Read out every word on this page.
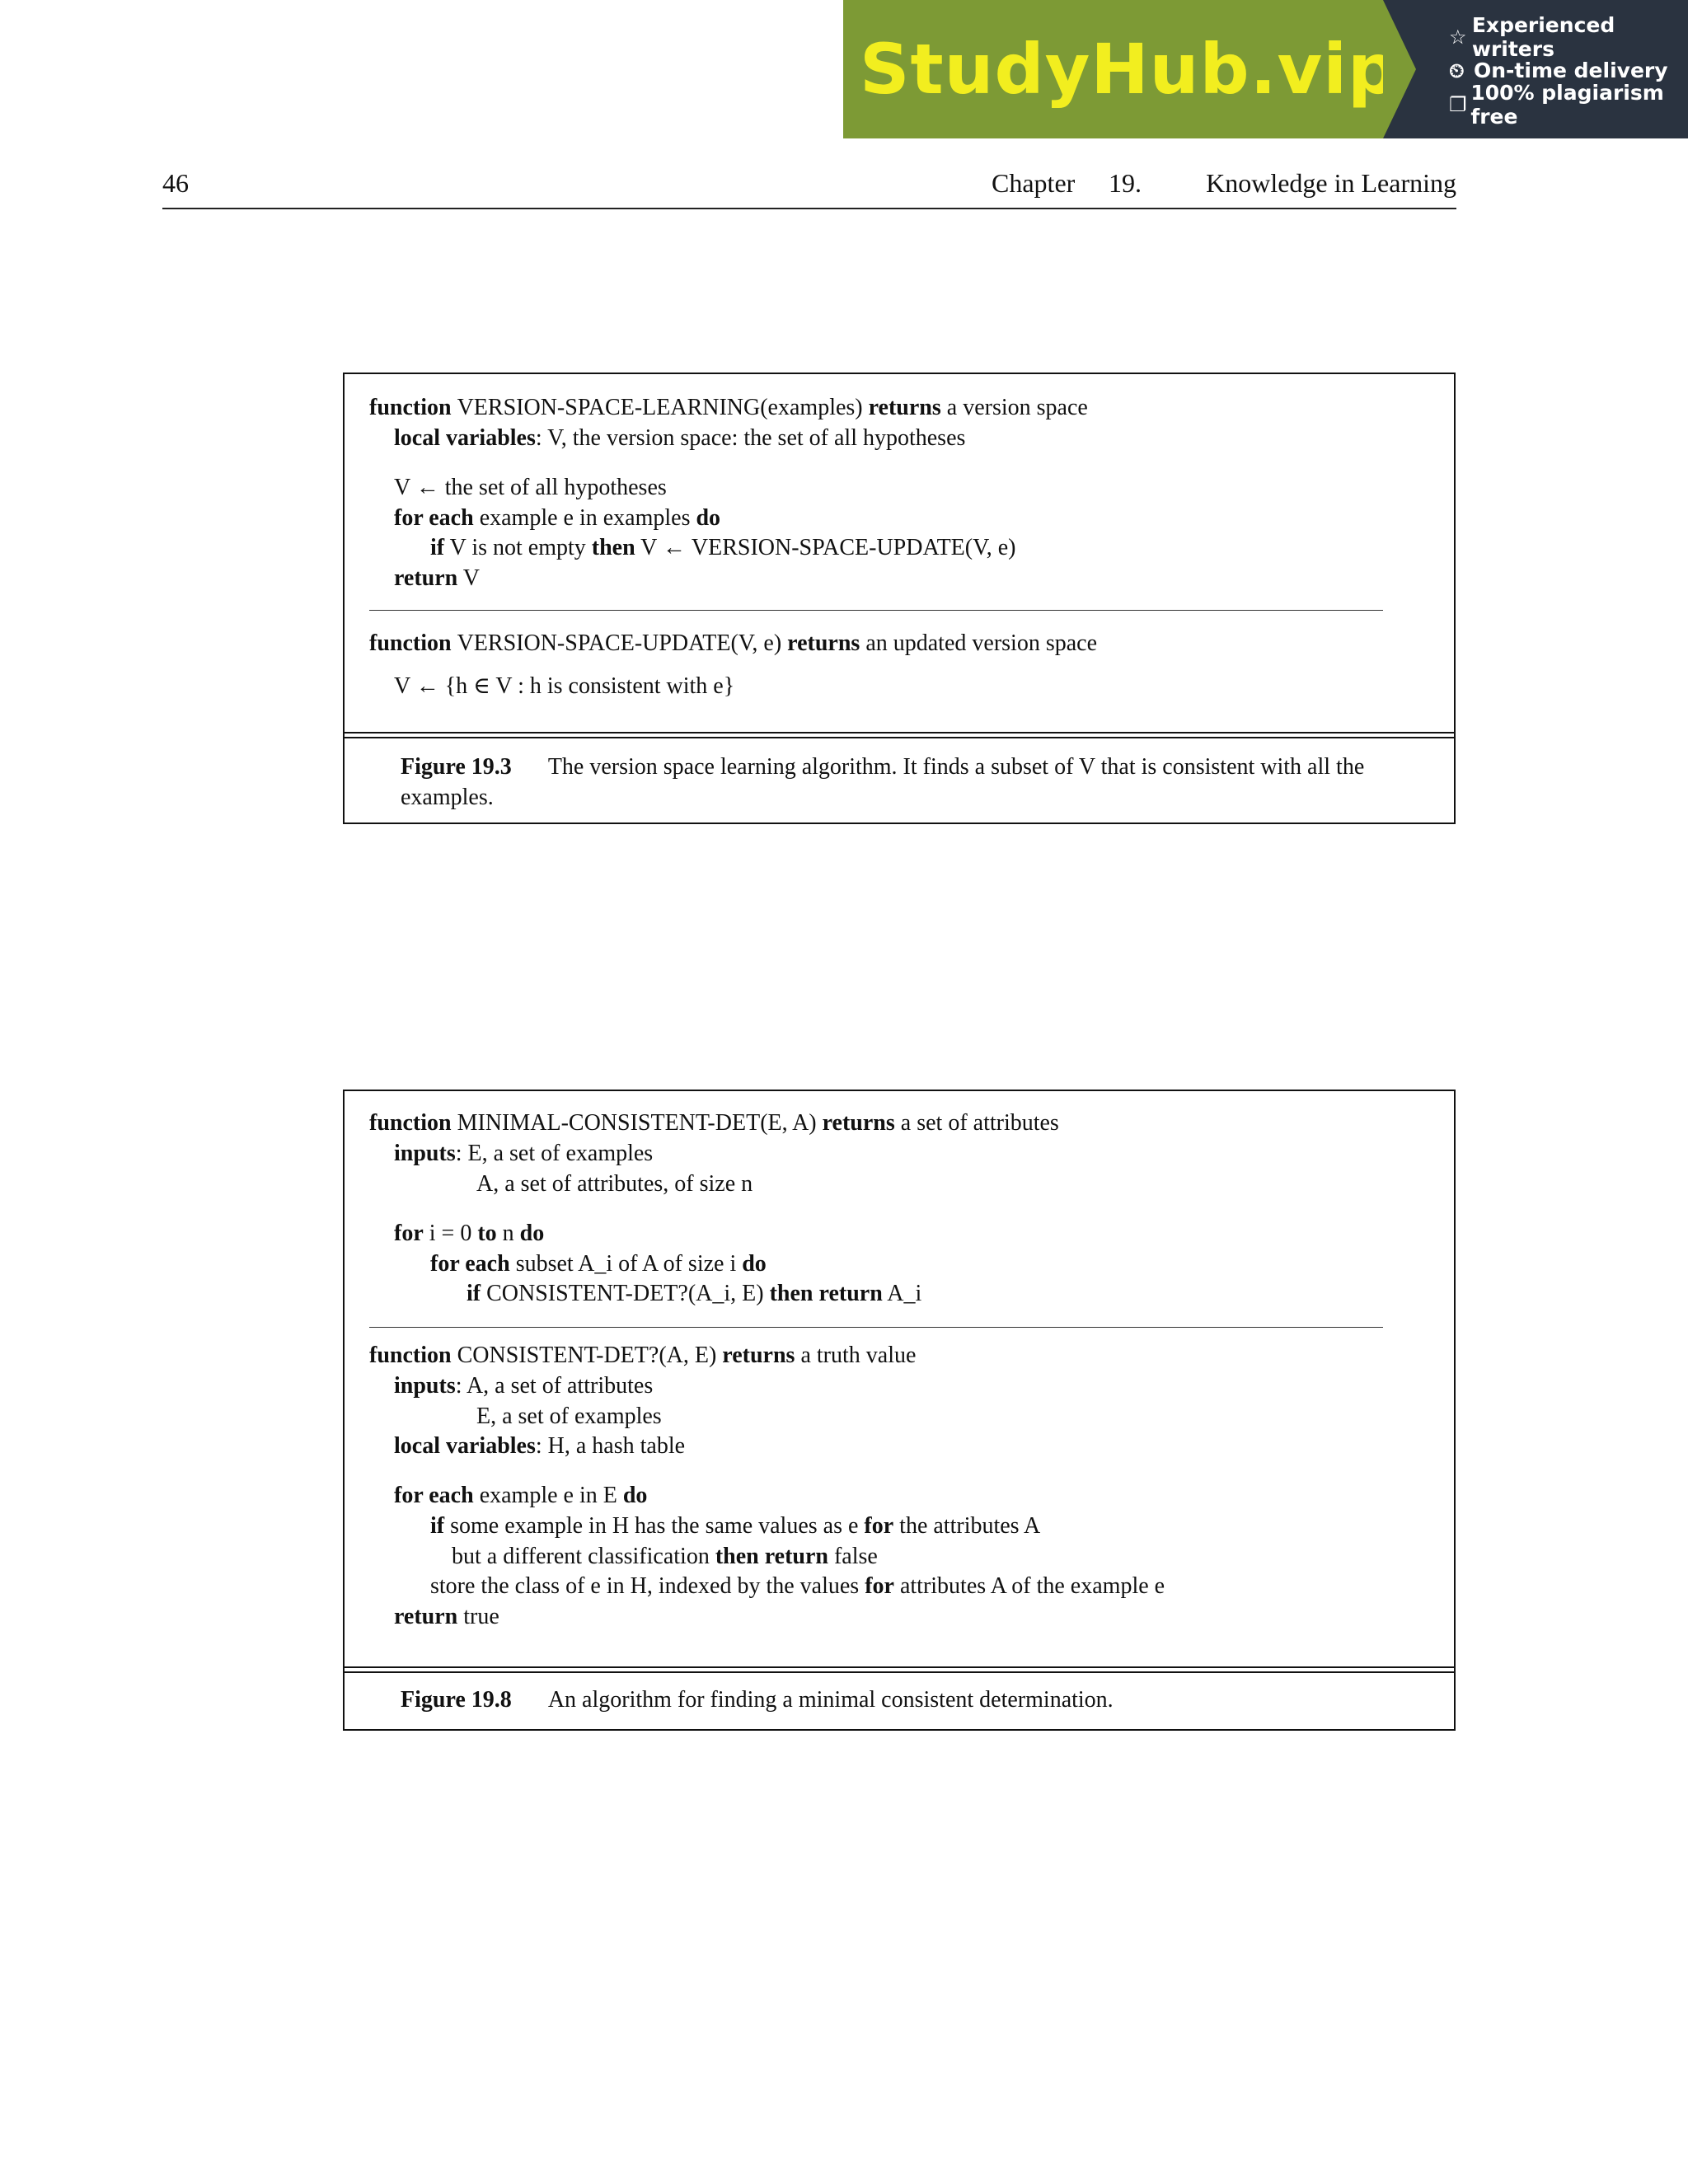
StudyHub.vip	☆ Experienced writers
⏲ On-time delivery
❐ 100% plagiarism free
46	Chapter 19. Knowledge in Learning
function VERSION-SPACE-LEARNING(examples) returns a version space
local variables: V, the version space: the set of all hypotheses
V ← the set of all hypotheses
for each example e in examples do
if V is not empty then V ← VERSION-SPACE-UPDATE(V, e)
return V
function VERSION-SPACE-UPDATE(V, e) returns an updated version space
V ← {h ∈ V : h is consistent with e}
Figure 19.3 The version space learning algorithm. It finds a subset of V that is consistent with all the examples.
function MINIMAL-CONSISTENT-DET(E, A) returns a set of attributes
inputs: E, a set of examples
A, a set of attributes, of size n
for i = 0 to n do
for each subset A_i of A of size i do
if CONSISTENT-DET?(A_i, E) then return A_i
function CONSISTENT-DET?(A, E) returns a truth value
inputs: A, a set of attributes
E, a set of examples
local variables: H, a hash table
for each example e in E do
if some example in H has the same values as e for the attributes A
but a different classification then return false
store the class of e in H, indexed by the values for attributes A of the example e
return true
Figure 19.8 An algorithm for finding a minimal consistent determination.
